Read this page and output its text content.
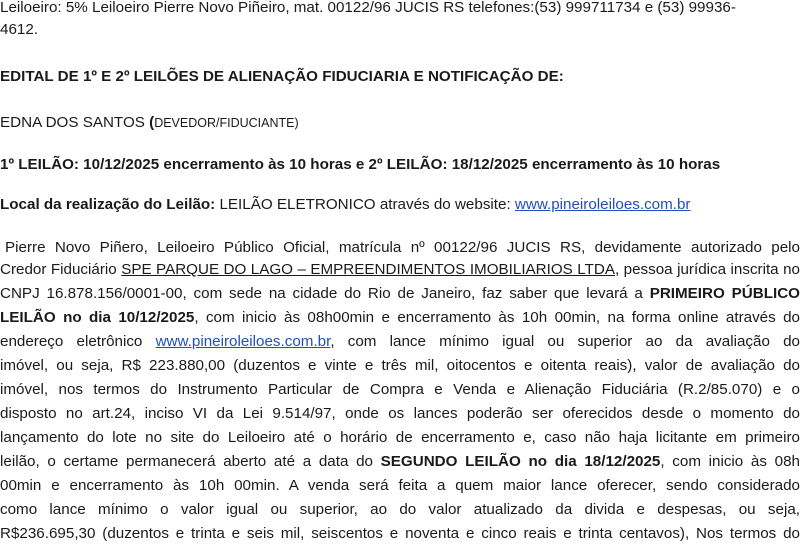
Leiloeiro: 5% Leiloeiro Pierre Novo Piñeiro, mat. 00122/96 JUCIS RS telefones:(53) 999711734 e (53) 99936-
4612.
EDITAL DE 1º E 2º LEILÕES DE ALIENAÇÃO FIDUCIARIA E NOTIFICAÇÃO DE:
EDNA DOS SANTOS (DEVEDOR/FIDUCIANTE)
1º LEILÃO: 10/12/2025 encerramento às 10 horas e 2º LEILÃO: 18/12/2025 encerramento às 10 horas
Local da realização do Leilão: LEILÃO ELETRONICO através do website: www.pineiroleiloes.com.br
Pierre Novo Piñero, Leiloeiro Público Oficial, matrícula nº 00122/96 JUCIS RS, devidamente autorizado pelo
Credor Fiduciário SPE PARQUE DO LAGO – EMPREENDIMENTOS IMOBILIARIOS LTDA, pessoa jurídica inscrita no
CNPJ 16.878.156/0001-00, com sede na cidade do Rio de Janeiro, faz saber que levará a PRIMEIRO PÚBLICO
LEILÃO no dia 10/12/2025, com inicio às 08h00min e encerramento às 10h 00min, na forma online através do
endereço eletrônico www.pineiroleiloes.com.br, com lance mínimo igual ou superior ao da avaliação do
imóvel, ou seja, R$ 223.880,00 (duzentos e vinte e três mil, oitocentos e oitenta reais), valor de avaliação do
imóvel, nos termos do Instrumento Particular de Compra e Venda e Alienação Fiduciária (R.2/85.070) e o
disposto no art.24, inciso VI da Lei 9.514/97, onde os lances poderão ser oferecidos desde o momento do
lançamento do lote no site do Leiloeiro até o horário de encerramento e, caso não haja licitante em primeiro
leilão, o certame permanecerá aberto até a data do SEGUNDO LEILÃO no dia 18/12/2025, com inicio às 08h
00min e encerramento às 10h 00min. A venda será feita a quem maior lance oferecer, sendo considerado
como lance mínimo o valor igual ou superior, ao do valor atualizado da divida e despesas, ou seja,
R$236.695,30 (duzentos e trinta e seis mil, seiscentos e noventa e cinco reais e trinta centavos), Nos termos do
